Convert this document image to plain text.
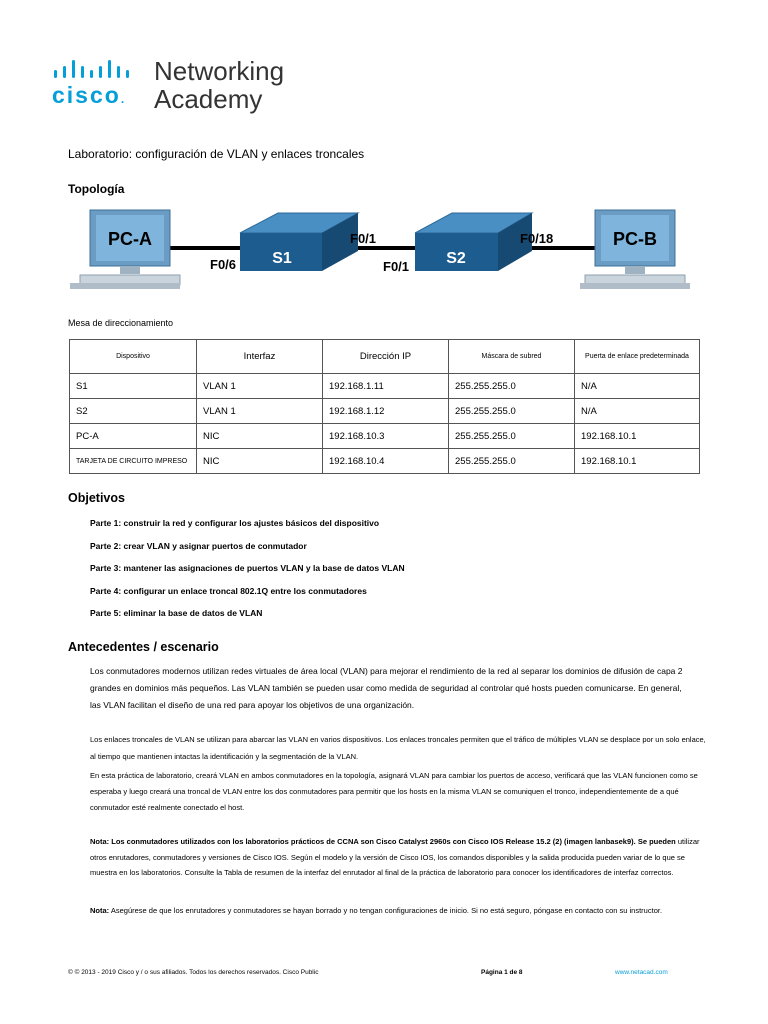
cisco.
Networking
Academy
Laboratorio: configuración de VLAN y enlaces troncales
Topología
PC-A
S1	S2
PC-B
F0/6
F0/1
F0/1
F0/18
Mesa de direccionamiento
Dispositivo	Interfaz	Dirección IP	Máscara de subred	Puerta de enlace predeterminada
S1	VLAN 1	192.168.1.11	255.255.255.0	N/A
S2	VLAN 1	192.168.1.12	255.255.255.0	N/A
PC-A	NIC	192.168.10.3	255.255.255.0	192.168.10.1
TARJETA DE CIRCUITO IMPRESO	NIC	192.168.10.4	255.255.255.0	192.168.10.1
Objetivos
Parte 1: construir la red y configurar los ajustes básicos del dispositivo
Parte 2: crear VLAN y asignar puertos de conmutador
Parte 3: mantener las asignaciones de puertos VLAN y la base de datos VLAN
Parte 4: configurar un enlace troncal 802.1Q entre los conmutadores
Parte 5: eliminar la base de datos de VLAN
Antecedentes / escenario
Los conmutadores modernos utilizan redes virtuales de área local (VLAN) para mejorar el rendimiento de la red al separar los dominios de difusión de capa 2 grandes en dominios más pequeños. Las VLAN también se pueden usar como medida de seguridad al controlar qué hosts pueden comunicarse. En general, las VLAN facilitan el diseño de una red para apoyar los objetivos de una organización.
Los enlaces troncales de VLAN se utilizan para abarcar las VLAN en varios dispositivos. Los enlaces troncales permiten que el tráfico de múltiples VLAN se desplace por un solo enlace, al tiempo que mantienen intactas la identificación y la segmentación de la VLAN.
En esta práctica de laboratorio, creará VLAN en ambos conmutadores en la topología, asignará VLAN para cambiar los puertos de acceso, verificará que las VLAN funcionen como se esperaba y luego creará una troncal de VLAN entre los dos conmutadores para permitir que los hosts en la misma VLAN se comuniquen el tronco, independientemente de a qué conmutador esté realmente conectado el host.
Nota: Los conmutadores utilizados con los laboratorios prácticos de CCNA son Cisco Catalyst 2960s con Cisco IOS Release 15.2 (2) (imagen lanbasek9). Se pueden utilizar otros enrutadores, conmutadores y versiones de Cisco IOS. Según el modelo y la versión de Cisco IOS, los comandos disponibles y la salida producida pueden variar de lo que se muestra en los laboratorios. Consulte la Tabla de resumen de la interfaz del enrutador al final de la práctica de laboratorio para conocer los identificadores de interfaz correctos.
Nota: Asegúrese de que los enrutadores y conmutadores se hayan borrado y no tengan configuraciones de inicio. Si no está seguro, póngase en contacto con su instructor.
© © 2013 - 2019 Cisco y / o sus afiliados. Todos los derechos reservados. Cisco Public	Página 1 de 8	www.netacad.com
